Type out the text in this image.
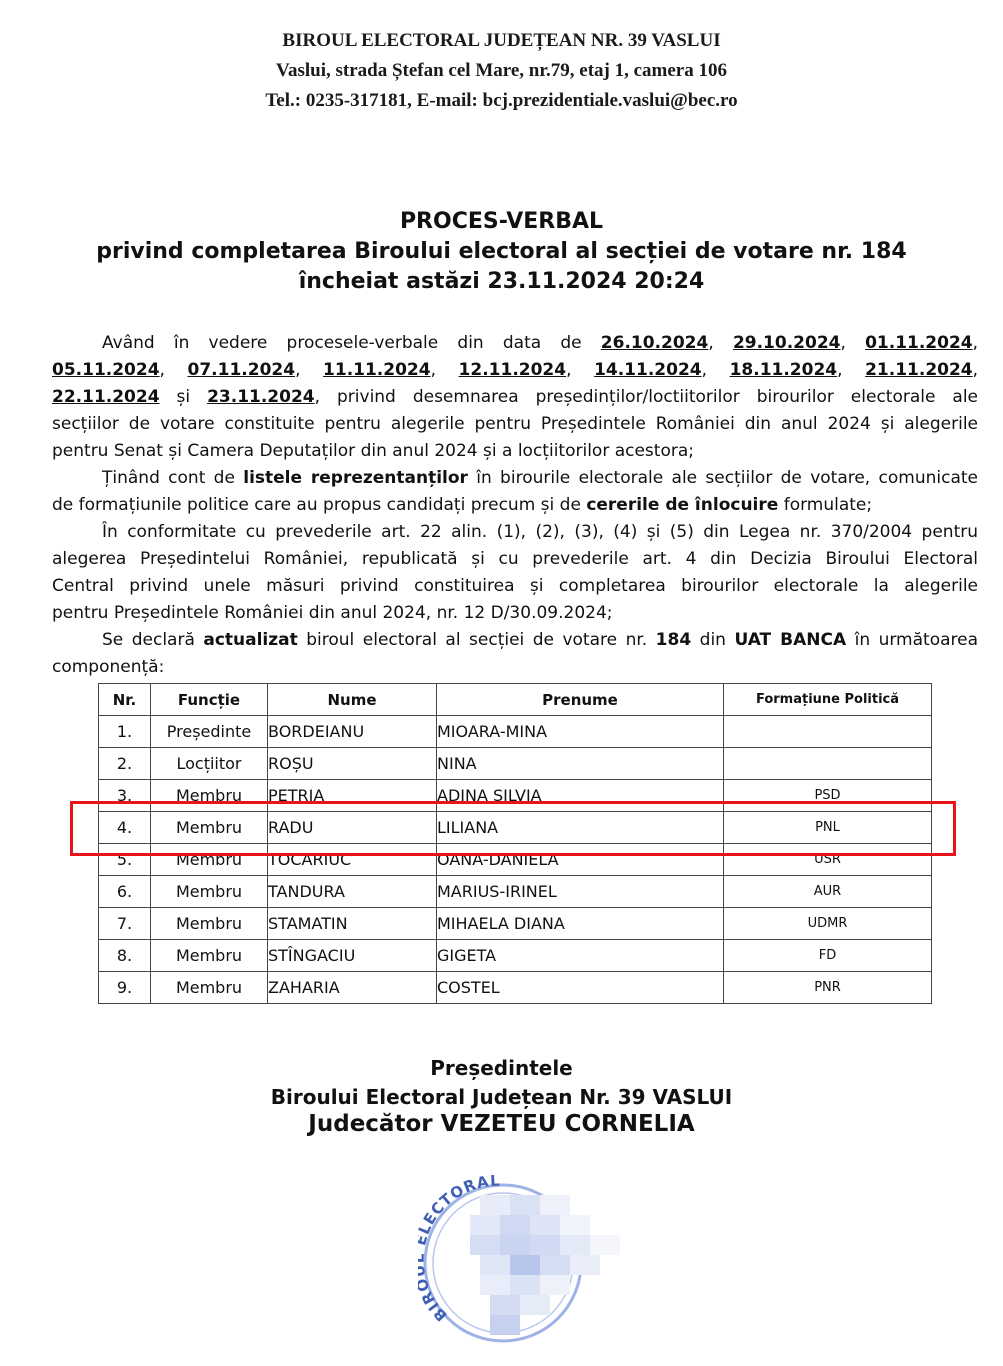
BIROUL ELECTORAL JUDEȚEAN NR. 39 VASLUI
Vaslui, strada Ștefan cel Mare, nr.79, etaj 1, camera 106
Tel.: 0235-317181, E-mail: bcj.prezidentiale.vaslui@bec.ro
PROCES-VERBAL
privind completarea Biroului electoral al secției de votare nr. 184
încheiat astăzi 23.11.2024 20:24
Având în vedere procesele-verbale din data de 26.10.2024, 29.10.2024, 01.11.2024,
05.11.2024, 07.11.2024, 11.11.2024, 12.11.2024, 14.11.2024, 18.11.2024, 21.11.2024,
22.11.2024 și 23.11.2024, privind desemnarea președinților/loctiitorilor birourilor electorale ale
secțiilor de votare constituite pentru alegerile pentru Președintele României din anul 2024 și alegerile
pentru Senat și Camera Deputaților din anul 2024 și a locțiitorilor acestora;
Ținând cont de listele reprezentanților în birourile electorale ale secțiilor de votare, comunicate
de formațiunile politice care au propus candidați precum și de cererile de înlocuire formulate;
În conformitate cu prevederile art. 22 alin. (1), (2), (3), (4) și (5) din Legea nr. 370/2004 pentru
alegerea Președintelui României, republicată și cu prevederile art. 4 din Decizia Biroului Electoral
Central privind unele măsuri privind constituirea și completarea birourilor electorale la alegerile
pentru Președintele României din anul 2024, nr. 12 D/30.09.2024;
Se declară actualizat biroul electoral al secției de votare nr. 184 din UAT BANCA în următoarea
componență:
Nr.	Funcție	Nume	Prenume	Formațiune Politică
1.	Președinte	BORDEIANU	MIOARA-MINA	
2.	Locțiitor	ROȘU	NINA	
3.	Membru	PETRIA	ADINA SILVIA	PSD
4.	Membru	RADU	LILIANA	PNL
5.	Membru	TOCARIUC	OANA-DANIELA	USR
6.	Membru	TANDURA	MARIUS-IRINEL	AUR
7.	Membru	STAMATIN	MIHAELA DIANA	UDMR
8.	Membru	STÎNGACIU	GIGETA	FD
9.	Membru	ZAHARIA	COSTEL	PNR
Președintele
Biroului Electoral Județean Nr. 39 VASLUI
Judecător VEZETEU CORNELIA
BIR ECTORAL
